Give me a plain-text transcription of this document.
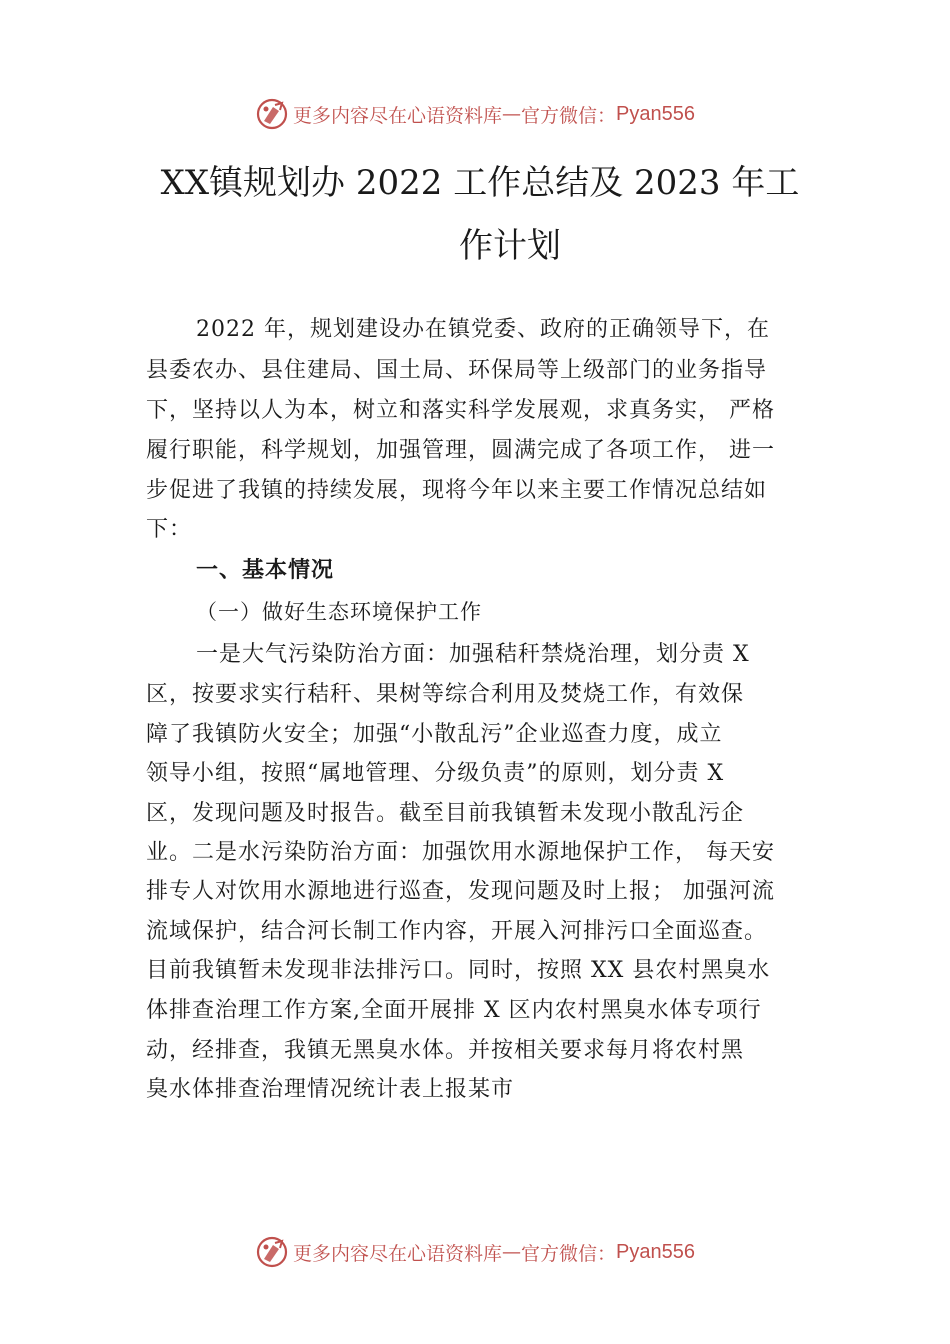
更多内容尽在心语资料库 — 官方微信： Pyan556
XX镇规划办 2022 工作总结及 2023 年工
作计划
2022 年，规划建设办在镇党委、政府的正确领导下，在
县委农办、县住建局、国土局、环保局等上级部门的业务指导
下，坚持以人为本，树立和落实科学发展观，求真务实， 严格
履行职能，科学规划，加强管理，圆满完成了各项工作， 进一
步促进了我镇的持续发展，现将今年以来主要工作情况总结如
下：
一、基本情况
（一）做好生态环境保护工作
一是大气污染防治方面：加强秸秆禁烧治理，划分责 X
区，按要求实行秸秆、果树等综合利用及焚烧工作，有效保
障了我镇防火安全；加强“小散乱污”企业巡查力度，成立
领导小组，按照“属地管理、分级负责”的原则，划分责 X
区，发现问题及时报告。截至目前我镇暂未发现小散乱污企
业。二是水污染防治方面：加强饮用水源地保护工作， 每天安
排专人对饮用水源地进行巡查，发现问题及时上报； 加强河流
流域保护，结合河长制工作内容，开展入河排污口全面巡查。
目前我镇暂未发现非法排污口。同时，按照 XX 县农村黑臭水
体排查治理工作方案,全面开展排 X 区内农村黑臭水体专项行
动，经排查，我镇无黑臭水体。并按相关要求每月将农村黑
臭水体排查治理情况统计表上报某市
更多内容尽在心语资料库 — 官方微信： Pyan556
